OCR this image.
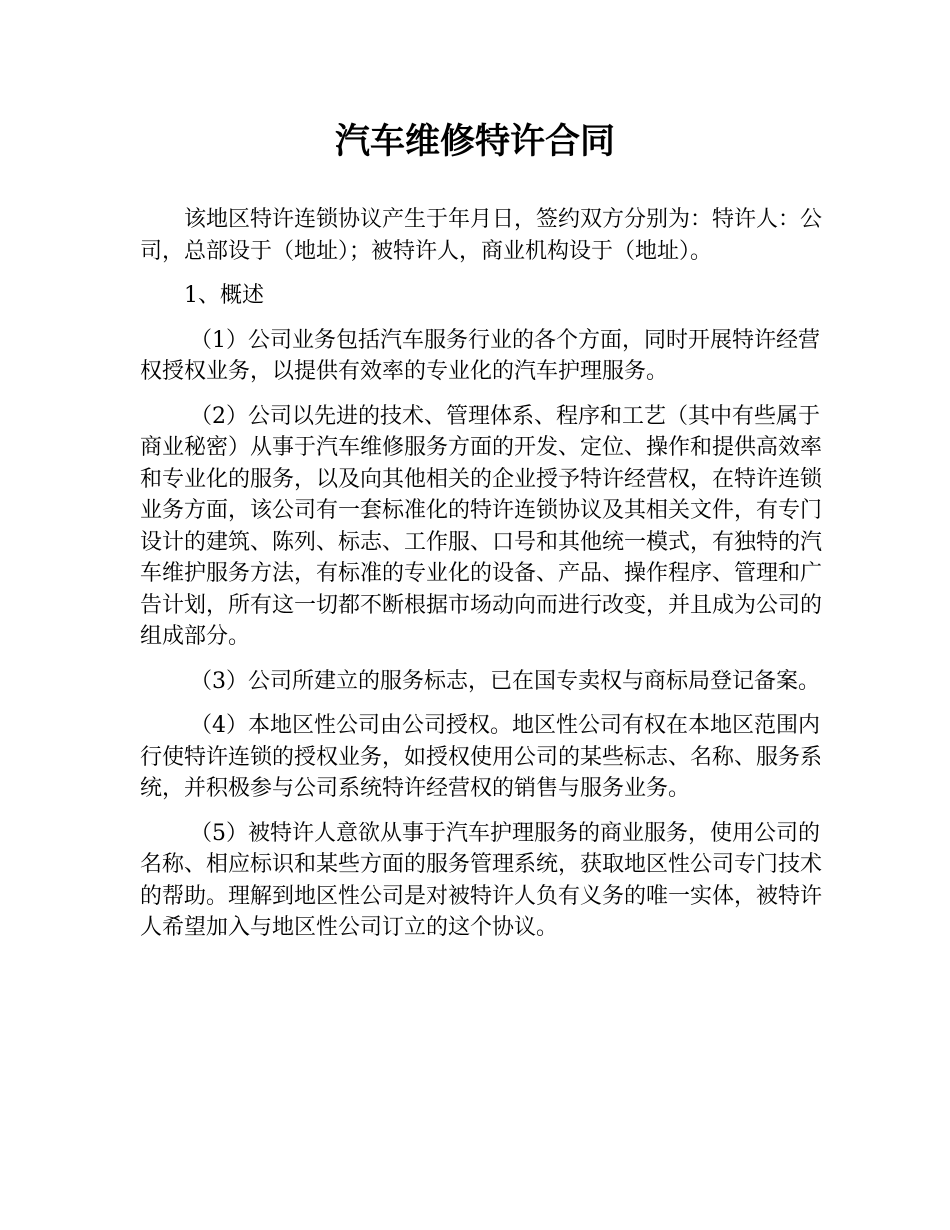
汽车维修特许合同

该地区特许连锁协议产生于年月日，签约双方分别为：特许人：公司，总部设于（地址）；被特许人，商业机构设于（地址）。

1、概述

（1）公司业务包括汽车服务行业的各个方面，同时开展特许经营权授权业务，以提供有效率的专业化的汽车护理服务。

（2）公司以先进的技术、管理体系、程序和工艺（其中有些属于商业秘密）从事于汽车维修服务方面的开发、定位、操作和提供高效率和专业化的服务，以及向其他相关的企业授予特许经营权，在特许连锁业务方面，该公司有一套标准化的特许连锁协议及其相关文件，有专门设计的建筑、陈列、标志、工作服、口号和其他统一模式，有独特的汽车维护服务方法，有标准的专业化的设备、产品、操作程序、管理和广告计划，所有这一切都不断根据市场动向而进行改变，并且成为公司的组成部分。

（3）公司所建立的服务标志，已在国专卖权与商标局登记备案。

（4）本地区性公司由公司授权。地区性公司有权在本地区范围内行使特许连锁的授权业务，如授权使用公司的某些标志、名称、服务系统，并积极参与公司系统特许经营权的销售与服务业务。

（5）被特许人意欲从事于汽车护理服务的商业服务，使用公司的名称、相应标识和某些方面的服务管理系统，获取地区性公司专门技术的帮助。理解到地区性公司是对被特许人负有义务的唯一实体，被特许人希望加入与地区性公司订立的这个协议。
